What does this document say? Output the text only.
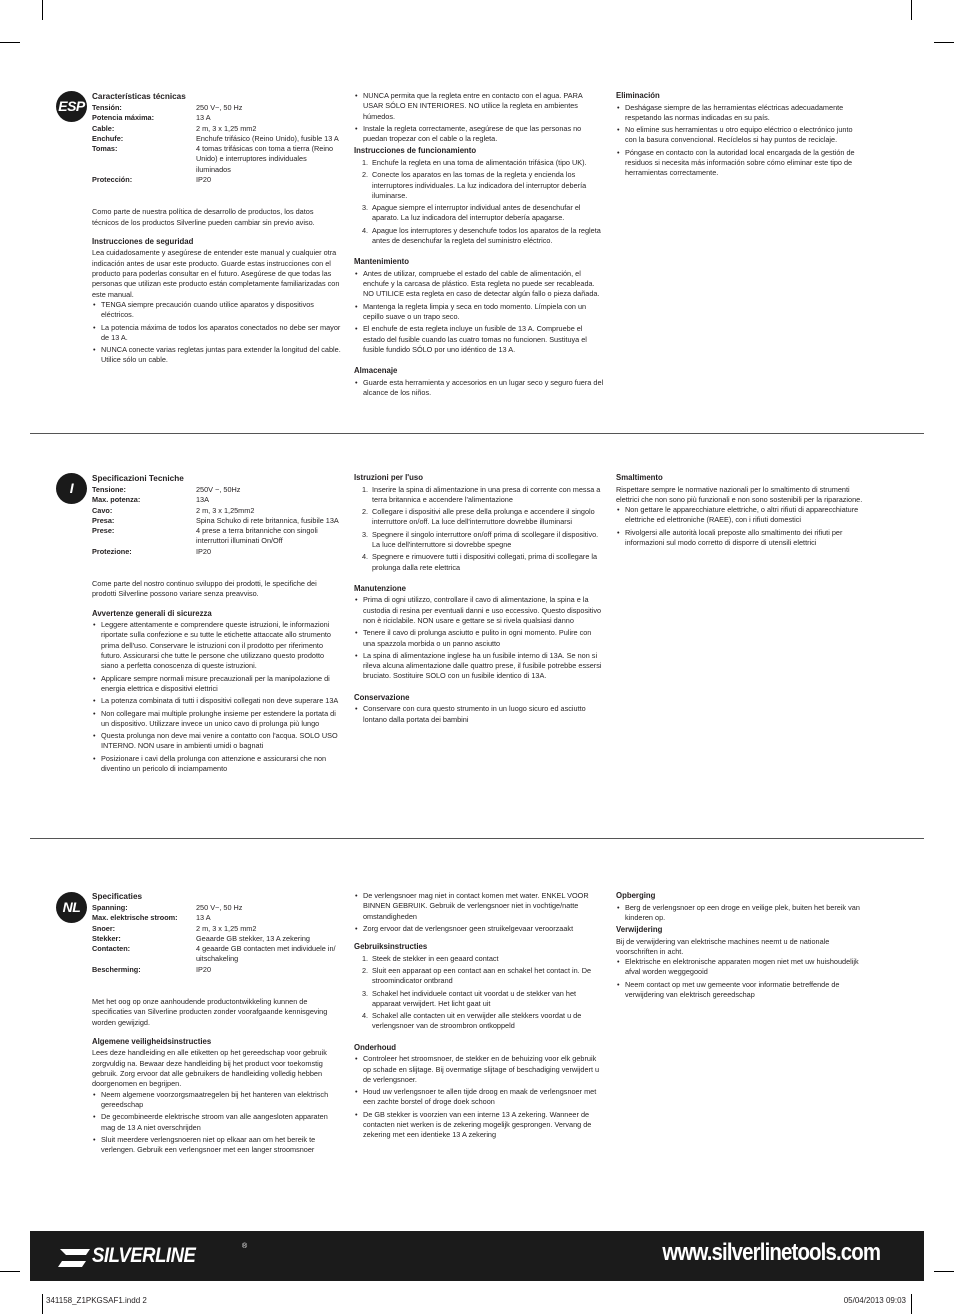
ESP
Características técnicas
Tensión:	250 V~, 50 Hz
Potencia máxima:	13 A
Cable:	2 m, 3 x 1,25 mm2
Enchufe:	Enchufe trifásico (Reino Unido), fusible 13 A
Tomas:	4 tomas trifásicas con toma a tierra (Reino Unido) e interruptores individuales iluminados
Protección:	IP20

Como parte de nuestra política de desarrollo de productos, los datos técnicos de los productos Silverline pueden cambiar sin previo aviso.

Instrucciones de seguridad

Lea cuidadosamente y asegúrese de entender este manual y cualquier otra indicación antes de usar este producto. Guarde estas instrucciones con el producto para poderlas consultar en el futuro. Asegúrese de que todas las personas que utilizan este producto están completamente familiarizadas con este manual.

• TENGA siempre precaución cuando utilice aparatos y dispositivos eléctricos.
• La potencia máxima de todos los aparatos conectados no debe ser mayor de 13 A.
• NUNCA conecte varias regletas juntas para extender la longitud del cable. Utilice sólo un cable.
• NUNCA permita que la regleta entre en contacto con el agua. PARA USAR SÓLO EN INTERIORES. NO utilice la regleta en ambientes húmedos.
• Instale la regleta correctamente, asegúrese de que las personas no puedan tropezar con el cable o la regleta.
Instrucciones de funcionamiento
1. Enchufe la regleta en una toma de alimentación trifásica (tipo UK).
2. Conecte los aparatos en las tomas de la regleta y encienda los interruptores individuales. La luz indicadora del interruptor debería iluminarse.
3. Apague siempre el interruptor individual antes de desenchufar el aparato. La luz indicadora del interruptor debería apagarse.
4. Apague los interruptores y desenchufe todos los aparatos de la regleta antes de desenchufar la regleta del suministro eléctrico.
Mantenimiento
• Antes de utilizar, compruebe el estado del cable de alimentación, el enchufe y la carcasa de plástico. Esta regleta no puede ser recableada. NO UTILICE esta regleta en caso de detectar algún fallo o pieza dañada.
• Mantenga la regleta limpia y seca en todo momento. Límpiela con un cepillo suave o un trapo seco.
• El enchufe de esta regleta incluye un fusible de 13 A. Compruebe el estado del fusible cuando las cuatro tomas no funcionen. Sustituya el fusible fundido SÓLO por uno idéntico de 13 A.
Almacenaje
• Guarde esta herramienta y accesorios en un lugar seco y seguro fuera del alcance de los niños.
Eliminación
• Deshágase siempre de las herramientas eléctricas adecuadamente respetando las normas indicadas en su país.
• No elimine sus herramientas u otro equipo eléctrico o electrónico junto con la basura convencional. Recíclelos si hay puntos de reciclaje.
• Póngase en contacto con la autoridad local encargada de la gestión de residuos si necesita más información sobre cómo eliminar este tipo de herramientas correctamente.
I
Specificazioni Tecniche
Tensione:	250V ~, 50Hz
Max. potenza:	13A
Cavo:	2 m, 3 x 1,25mm2
Presa:	Spina Schuko di rete britannica, fusibile 13A
Prese:	4 prese a terra britanniche con singoli interruttori illuminati On/Off
Protezione:	IP20

Come parte del nostro continuo sviluppo dei prodotti, le specifiche dei prodotti Silverline possono variare senza preavviso.

Avvertenze generali di sicurezza
• Leggere attentamente e comprendere queste istruzioni, le informazioni riportate sulla confezione e su tutte le etichette attaccate allo strumento prima dell'uso. Conservare le istruzioni con il prodotto per riferimento futuro. Assicurarsi che tutte le persone che utilizzano questo prodotto siano a perfetta conoscenza di queste istruzioni.
• Applicare sempre normali misure precauzionali per la manipolazione di energia elettrica e dispositivi elettrici
• La potenza combinata di tutti i dispositivi collegati non deve superare 13A
• Non collegare mai multiple prolunghe insieme per estendere la portata di un dispositivo. Utilizzare invece un unico cavo di prolunga più lungo
• Questa prolunga non deve mai venire a contatto con l'acqua. SOLO USO INTERNO. NON usare in ambienti umidi o bagnati
• Posizionare i cavi della prolunga con attenzione e assicurarsi che non diventino un pericolo di inciampamento
Istruzioni per l'uso
1. Inserire la spina di alimentazione in una presa di corrente con messa a terra britannica e accendere l'alimentazione
2. Collegare i dispositivi alle prese della prolunga e accendere il singolo interruttore on/off. La luce dell'interruttore dovrebbe illuminarsi
3. Spegnere il singolo interruttore on/off prima di scollegare il dispositivo. La luce dell'interruttore si dovrebbe spegne
4. Spegnere e rimuovere tutti i dispositivi collegati, prima di scollegare la prolunga dalla rete elettrica
Manutenzione
• Prima di ogni utilizzo, controllare il cavo di alimentazione, la spina e la custodia di resina per eventuali danni e uso eccessivo. Questo dispositivo non è riciclabile. NON usare e gettare se si rivela qualsiasi danno
• Tenere il cavo di prolunga asciutto e pulito in ogni momento. Pulire con una spazzola morbida o un panno asciutto
• La spina di alimentazione inglese ha un fusibile interno di 13A. Se non si rileva alcuna alimentazione dalle quattro prese, il fusibile potrebbe essersi bruciato. Sostituire SOLO con un fusibile identico di 13A.
Conservazione
• Conservare con cura questo strumento in un luogo sicuro ed asciutto lontano dalla portata dei bambini
Smaltimento

Rispettare sempre le normative nazionali per lo smaltimento di strumenti elettrici che non sono più funzionali e non sono sostenibili per la riparazione.

• Non gettare le apparecchiature elettriche, o altri rifiuti di apparecchiature elettriche ed elettroniche (RAEE), con i rifiuti domestici
• Rivolgersi alle autorità locali preposte allo smaltimento dei rifiuti per informazioni sul modo corretto di disporre di utensili elettrici
NL
Specificaties
Spanning:	250 V~, 50 Hz
Max. elektrische stroom:	13 A
Snoer:	2 m, 3 x 1,25 mm2
Stekker:	Geaarde GB stekker, 13 A zekering
Contacten:	4 geaarde GB contacten met individuele in/ uitschakeling
Bescherming:	IP20

Met het oog op onze aanhoudende productontwikkeling kunnen de specificaties van Silverline producten zonder voorafgaande kennisgeving worden gewijzigd.

Algemene veiligheidsinstructies

Lees deze handleiding en alle etiketten op het gereedschap voor gebruik zorgvuldig na. Bewaar deze handleiding bij het product voor toekomstig gebruik. Zorg ervoor dat alle gebruikers de handleiding volledig hebben doorgenomen en begrijpen.

• Neem algemene voorzorgsmaatregelen bij het hanteren van elektrisch gereedschap
• De gecombineerde elektrische stroom van alle aangesloten apparaten mag de 13 A niet overschrijden
• Sluit meerdere verlengsnoeren niet op elkaar aan om het bereik te verlengen. Gebruik een verlengsnoer met een langer stroomsnoer
• De verlengsnoer mag niet in contact komen met water. ENKEL VOOR BINNEN GEBRUIK. Gebruik de verlengsnoer niet in vochtige/natte omstandigheden
• Zorg ervoor dat de verlengsnoer geen struikelgevaar veroorzaakt
Gebruiksinstructies
1. Steek de stekker in een geaard contact
2. Sluit een apparaat op een contact aan en schakel het contact in. De stroomindicator ontbrand
3. Schakel het individuele contact uit voordat u de stekker van het apparaat verwijdert. Het licht gaat uit
4. Schakel alle contacten uit en verwijder alle stekkers voordat u de verlengsnoer van de stroombron ontkoppeld
Onderhoud
• Controleer het stroomsnoer, de stekker en de behuizing voor elk gebruik op schade en slijtage. Bij overmatige slijtage of beschadiging verwijdert u de verlengsnoer.
• Houd uw verlengsnoer te allen tijde droog en maak de verlengsnoer met een zachte borstel of droge doek schoon
• De GB stekker is voorzien van een interne 13 A zekering. Wanneer de contacten niet werken is de zekering mogelijk gesprongen. Vervang de zekering met een identieke 13 A zekering
Opberging
• Berg de verlengsnoer op een droge en veilige plek, buiten het bereik van kinderen op.
Verwijdering

Bij de verwijdering van elektrische machines neemt u de nationale voorschriften in acht.

• Elektrische en elektronische apparaten mogen niet met uw huishoudelijk afval worden weggegooid
• Neem contact op met uw gemeente voor informatie betreffende de verwijdering van elektrisch gereedschap
SILVERLINE	®	www.silverlinetools.com
341158_Z1PKGSAF1.indd 2	05/04/2013 09:03
